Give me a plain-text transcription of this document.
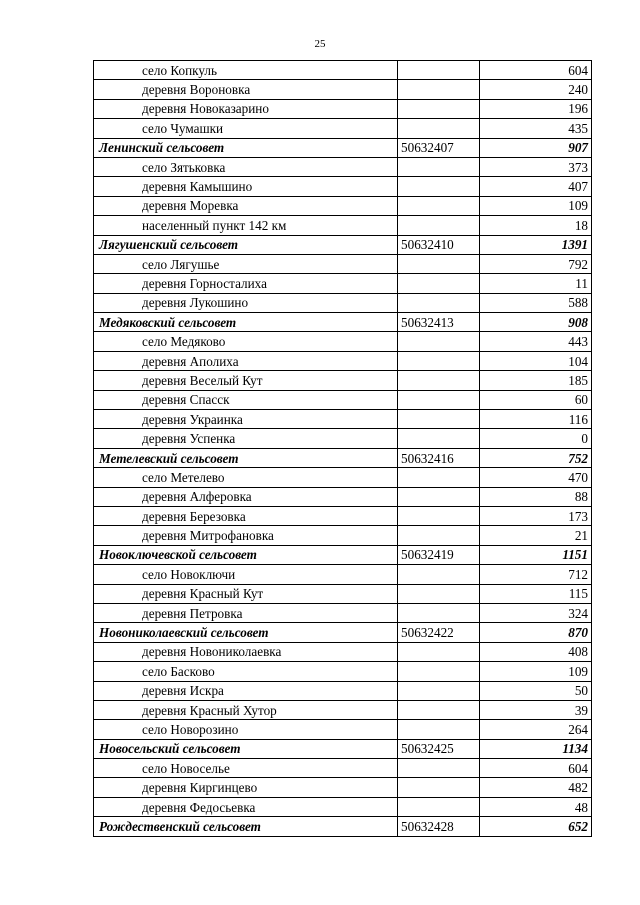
25
село Копкуль		604
деревня Вороновка		240
деревня Новоказарино		196
село Чумашки		435
Ленинский сельсовет	50632407	907
село Зятьковка		373
деревня Камышино		407
деревня Моревка		109
населенный пункт 142 км		18
Лягушенский сельсовет	50632410	1391
село Лягушье		792
деревня Горносталиха		11
деревня Лукошино		588
Медяковский сельсовет	50632413	908
село Медяково		443
деревня Аполиха		104
деревня Веселый Кут		185
деревня Спасск		60
деревня Украинка		116
деревня Успенка		0
Метелевский сельсовет	50632416	752
село Метелево		470
деревня Алферовка		88
деревня Березовка		173
деревня Митрофановка		21
Новоключевской сельсовет	50632419	1151
село Новоключи		712
деревня Красный Кут		115
деревня Петровка		324
Новониколаевский сельсовет	50632422	870
деревня Новониколаевка		408
село Басково		109
деревня Искра		50
деревня Красный Хутор		39
село Новорозино		264
Новосельский сельсовет	50632425	1134
село Новоселье		604
деревня Киргинцево		482
деревня Федосьевка		48
Рождественский сельсовет	50632428	652
